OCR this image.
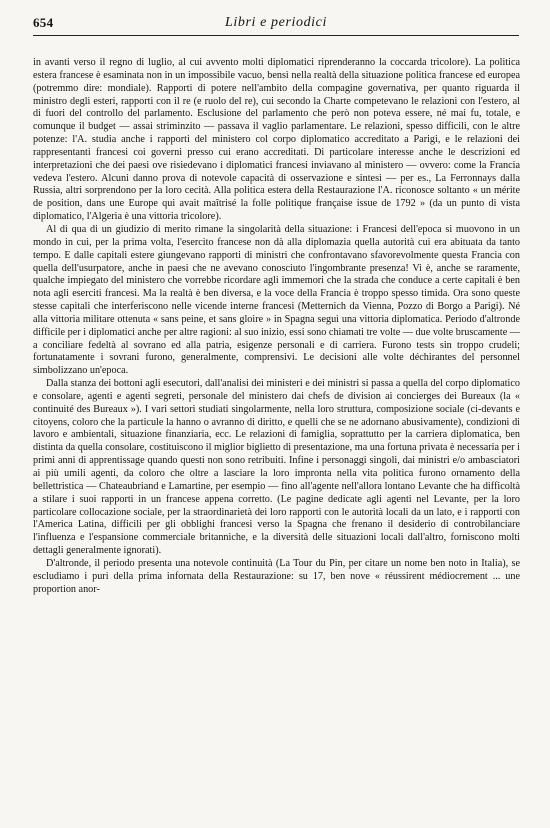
654	Libri e periodici

in avanti verso il regno di luglio, al cui avvento molti diplomatici riprenderanno la coccarda tricolore). La politica estera francese è esaminata non in un impossibile vacuo, bensì nella realtà della situazione politica francese ed europea (potremmo dire: mondiale). Rapporti di potere nell'ambito della compagine governativa, per quanto riguarda il ministro degli esteri, rapporti con il re (e ruolo del re), cui secondo la Charte competevano le relazioni con l'estero, al di fuori del controllo del parlamento. Esclusione del parlamento che però non poteva essere, né mai fu, totale, e comunque il budget — assai striminzito — passava il vaglio parlamentare. Le relazioni, spesso difficili, con le altre potenze: l'A. studia anche i rapporti del ministero col corpo diplomatico accreditato a Parigi, e le relazioni dei rappresentanti francesi coi governi presso cui erano accreditati. Di particolare interesse anche le descrizioni ed interpretazioni che dei paesi ove risiedevano i diplomatici francesi inviavano al ministero — ovvero: come la Francia vedeva l'estero. Alcuni danno prova di notevole capacità di osservazione e sintesi — per es., La Ferronnays dalla Russia, altri sorprendono per la loro cecità. Alla politica estera della Restaurazione l'A. riconosce soltanto « un mérite de position, dans une Europe qui avait maîtrisé la folle politique française issue de 1792 » (da un punto di vista diplomatico, l'Algeria è una vittoria tricolore).

Al di qua di un giudizio di merito rimane la singolarità della situazione: i Francesi dell'epoca si muovono in un mondo in cui, per la prima volta, l'esercito francese non dà alla diplomazia quella autorità cui era abituata da tanto tempo. E dalle capitali estere giungevano rapporti di ministri che confrontavano sfavorevolmente questa Francia con quella dell'usurpatore, anche in paesi che ne avevano conosciuto l'ingombrante presenza! Vi è, anche se raramente, qualche impiegato del ministero che vorrebbe ricordare agli immemori che la strada che conduce a certe capitali è ben nota agli eserciti francesi. Ma la realtà è ben diversa, e la voce della Francia è troppo spesso timida. Ora sono queste stesse capitali che interferiscono nelle vicende interne francesi (Metternich da Vienna, Pozzo di Borgo a Parigi). Né alla vittoria militare ottenuta « sans peine, et sans gloire » in Spagna seguì una vittoria diplomatica. Periodo d'altronde difficile per i diplomatici anche per altre ragioni: al suo inizio, essi sono chiamati tre volte — due volte bruscamente — a conciliare fedeltà al sovrano ed alla patria, esigenze personali e di carriera. Furono tests sin troppo crudeli; fortunatamente i sovrani furono, generalmente, comprensivi. Le decisioni alle volte déchirantes del personnel simbolizzano un'epoca.

Dalla stanza dei bottoni agli esecutori, dall'analisi dei ministeri e dei ministri si passa a quella del corpo diplomatico e consolare, agenti e agenti segreti, personale del ministero dai chefs de division ai concierges dei Bureaux (la « continuité des Bureaux »). I vari settori studiati singolarmente, nella loro struttura, composizione sociale (ci-devants e citoyens, coloro che la particule la hanno o avranno di diritto, e quelli che se ne adornano abusivamente), condizioni di lavoro e ambientali, situazione finanziaria, ecc. Le relazioni di famiglia, soprattutto per la carriera diplomatica, ben distinta da quella consolare, costituiscono il miglior biglietto di presentazione, ma una fortuna privata è necessaria per i primi anni di apprentissage quando questi non sono retribuiti. Infine i personaggi singoli, dai ministri e/o ambasciatori ai più umili agenti, da coloro che oltre a lasciare la loro impronta nella vita politica furono ornamento della bellettristica — Chateaubriand e Lamartine, per esempio — fino all'agente nell'allora lontano Levante che ha difficoltà a stilare i suoi rapporti in un francese appena corretto. (Le pagine dedicate agli agenti nel Levante, per la loro particolare collocazione sociale, per la straordinarietà dei loro rapporti con le autorità locali da un lato, e i rapporti con l'America Latina, difficili per gli obblighi francesi verso la Spagna che frenano il desiderio di controbilanciare l'influenza e l'espansione commerciale britanniche, e la diversità delle situazioni locali dall'altro, forniscono molti dettagli generalmente ignorati).

D'altronde, il periodo presenta una notevole continuità (La Tour du Pin, per citare un nome ben noto in Italia), se escludiamo i puri della prima infornata della Restaurazione: su 17, ben nove « réussirent médiocrement ... une proportion anor-
